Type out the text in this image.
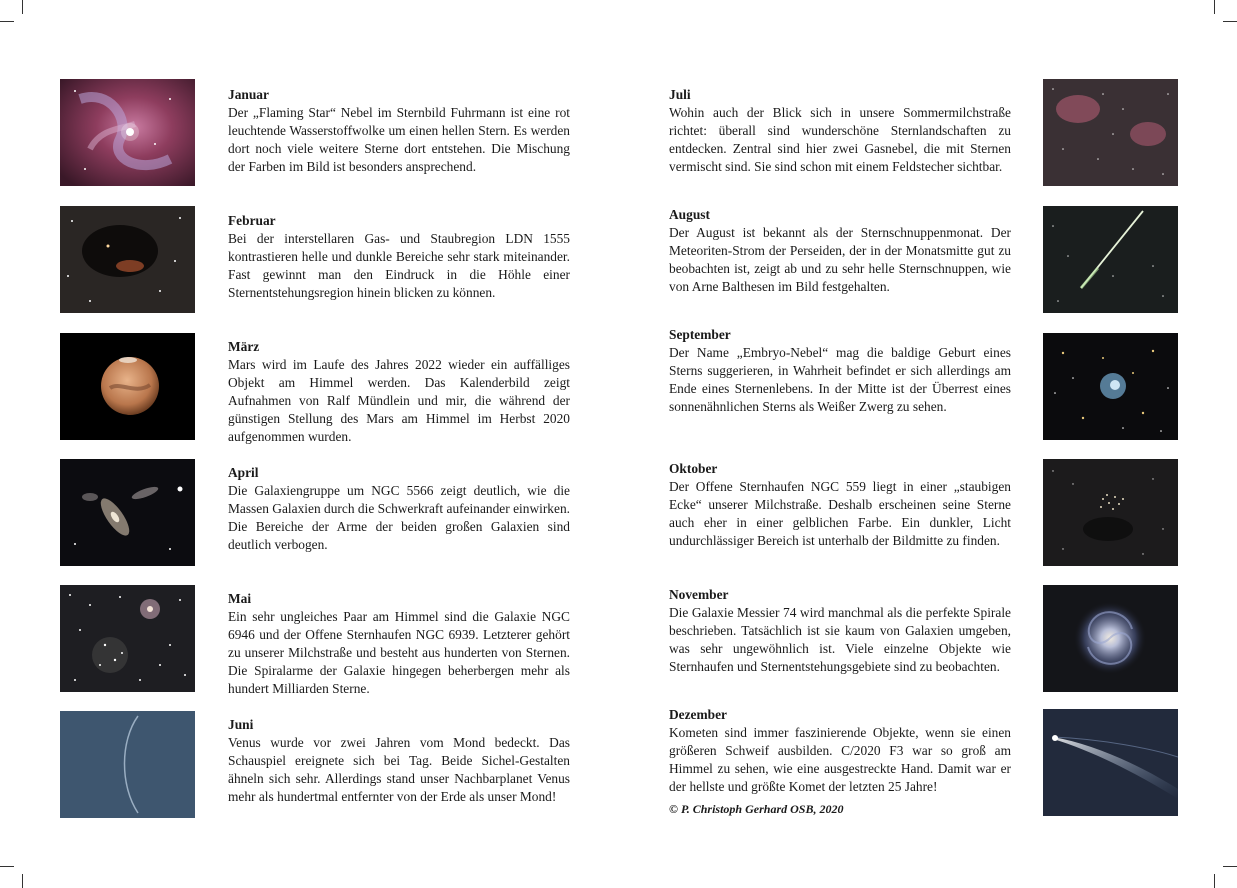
Januar
Der „Flaming Star“ Nebel im Sternbild Fuhrmann ist eine rot leuchtende Wasserstoffwolke um einen hellen Stern. Es werden dort noch viele weitere Sterne dort entstehen. Die Mischung der Farben im Bild ist besonders ansprechend.
Februar
Bei der interstellaren Gas- und Staubregion LDN 1555 kontrastieren helle und dunkle Bereiche sehr stark miteinander. Fast gewinnt man den Eindruck in die Höhle einer Sternentstehungsregion hinein blicken zu können.
März
Mars wird im Laufe des Jahres 2022 wieder ein auffälliges Objekt am Himmel werden. Das Kalenderbild zeigt Aufnahmen von Ralf Mündlein und mir, die während der günstigen Stellung des Mars am Himmel im Herbst 2020 aufgenommen wurden.
April
Die Galaxiengruppe um NGC 5566 zeigt deutlich, wie die Massen Galaxien durch die Schwerkraft aufeinander einwirken. Die Bereiche der Arme der beiden großen Galaxien sind deutlich verbogen.
Mai
Ein sehr ungleiches Paar am Himmel sind die Galaxie NGC 6946 und der Offene Sternhaufen NGC 6939. Letzterer gehört zu unserer Milchstraße und besteht aus hunderten von Sternen. Die Spiralarme der Galaxie hingegen beherbergen mehr als hundert Milliarden Sterne.
Juni
Venus wurde vor zwei Jahren vom Mond bedeckt. Das Schauspiel ereignete sich bei Tag. Beide Sichel-Gestalten ähneln sich sehr. Allerdings stand unser Nachbarplanet Venus mehr als hundertmal entfernter von der Erde als unser Mond!
Juli
Wohin auch der Blick sich in unsere Sommermilchstraße richtet: überall sind wunderschöne Sternlandschaften zu entdecken. Zentral sind hier zwei Gasnebel, die mit Sternen vermischt sind. Sie sind schon mit einem Feldstecher sichtbar.
August
Der August ist bekannt als der Sternschnuppenmonat. Der Meteoriten-Strom der Perseiden, der in der Monatsmitte gut zu beobachten ist, zeigt ab und zu sehr helle Sternschnuppen, wie von Arne Balthesen im Bild festgehalten.
September
Der Name „Embryo-Nebel“ mag die baldige Geburt eines Sterns suggerieren, in Wahrheit befindet er sich allerdings am Ende eines Sternenlebens. In der Mitte ist der Überrest eines sonnenähnlichen Sterns als Weißer Zwerg zu sehen.
Oktober
Der Offene Sternhaufen NGC 559 liegt in einer „staubigen Ecke“ unserer Milchstraße. Deshalb erscheinen seine Sterne auch eher in einer gelblichen Farbe. Ein dunkler, Licht undurchlässiger Bereich ist unterhalb der Bildmitte zu finden.
November
Die Galaxie Messier 74 wird manchmal als die perfekte Spirale beschrieben. Tatsächlich ist sie kaum von Galaxien umgeben, was sehr ungewöhnlich ist. Viele einzelne Objekte wie Sternhaufen und Sternentstehungsgebiete sind zu beobachten.
Dezember
Kometen sind immer faszinierende Objekte, wenn sie einen größeren Schweif ausbilden. C/2020 F3 war so groß am Himmel zu sehen, wie eine ausgestreckte Hand. Damit war er der hellste und größte Komet der letzten 25 Jahre!
© P. Christoph Gerhard OSB, 2020
